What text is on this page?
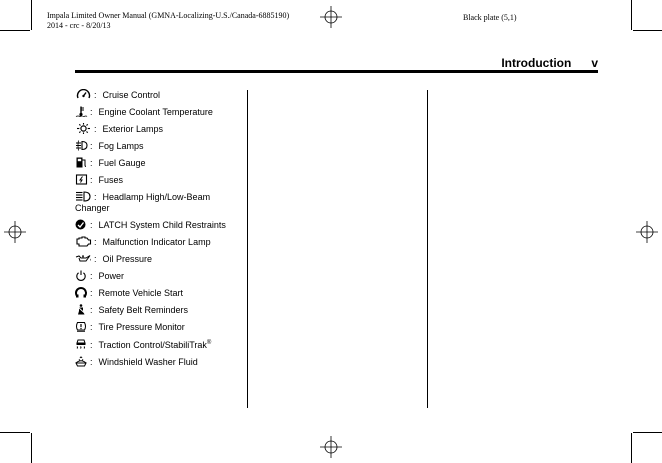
Impala Limited Owner Manual (GMNA-Localizing-U.S./Canada-6885190)
2014 - crc - 8/20/13
Black plate (5,1)
Introduction v
: Cruise Control
: Engine Coolant Temperature
: Exterior Lamps
: Fog Lamps
: Fuel Gauge
: Fuses
: Headlamp High/Low-Beam Changer
: LATCH System Child Restraints
: Malfunction Indicator Lamp
: Oil Pressure
: Power
: Remote Vehicle Start
: Safety Belt Reminders
: Tire Pressure Monitor
: Traction Control/StabiliTrak®
: Windshield Washer Fluid
